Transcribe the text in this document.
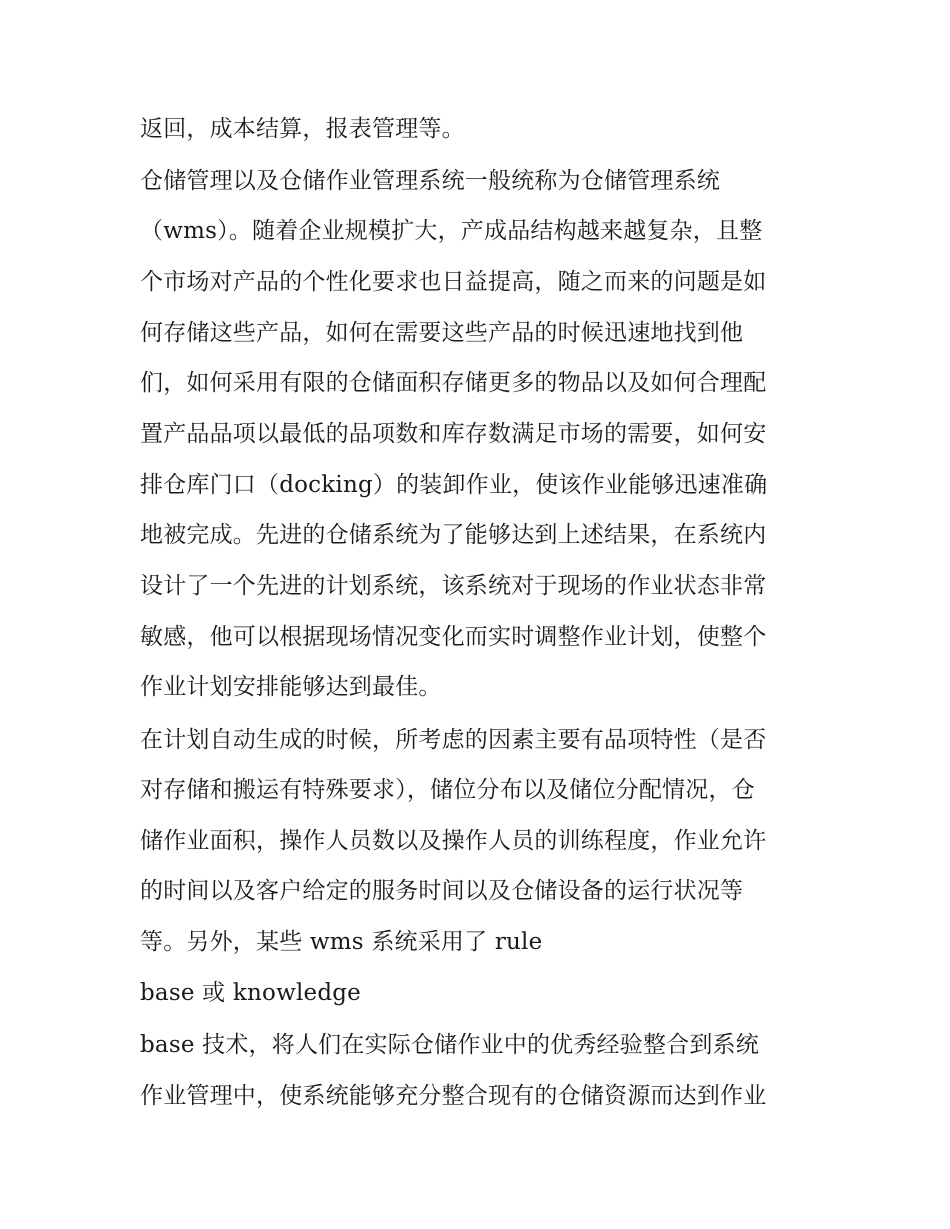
返回，成本结算，报表管理等。
仓储管理以及仓储作业管理系统一般统称为仓储管理系统
（wms）。随着企业规模扩大，产成品结构越来越复杂，且整
个市场对产品的个性化要求也日益提高，随之而来的问题是如
何存储这些产品，如何在需要这些产品的时候迅速地找到他
们，如何采用有限的仓储面积存储更多的物品以及如何合理配
置产品品项以最低的品项数和库存数满足市场的需要，如何安
排仓库门口（docking）的装卸作业，使该作业能够迅速准确
地被完成。先进的仓储系统为了能够达到上述结果，在系统内
设计了一个先进的计划系统，该系统对于现场的作业状态非常
敏感，他可以根据现场情况变化而实时调整作业计划，使整个
作业计划安排能够达到最佳。
在计划自动生成的时候，所考虑的因素主要有品项特性（是否
对存储和搬运有特殊要求），储位分布以及储位分配情况，仓
储作业面积，操作人员数以及操作人员的训练程度，作业允许
的时间以及客户给定的服务时间以及仓储设备的运行状况等
等。另外，某些 wms 系统采用了 rule
base 或 knowledge
base 技术，将人们在实际仓储作业中的优秀经验整合到系统
作业管理中，使系统能够充分整合现有的仓储资源而达到作业
